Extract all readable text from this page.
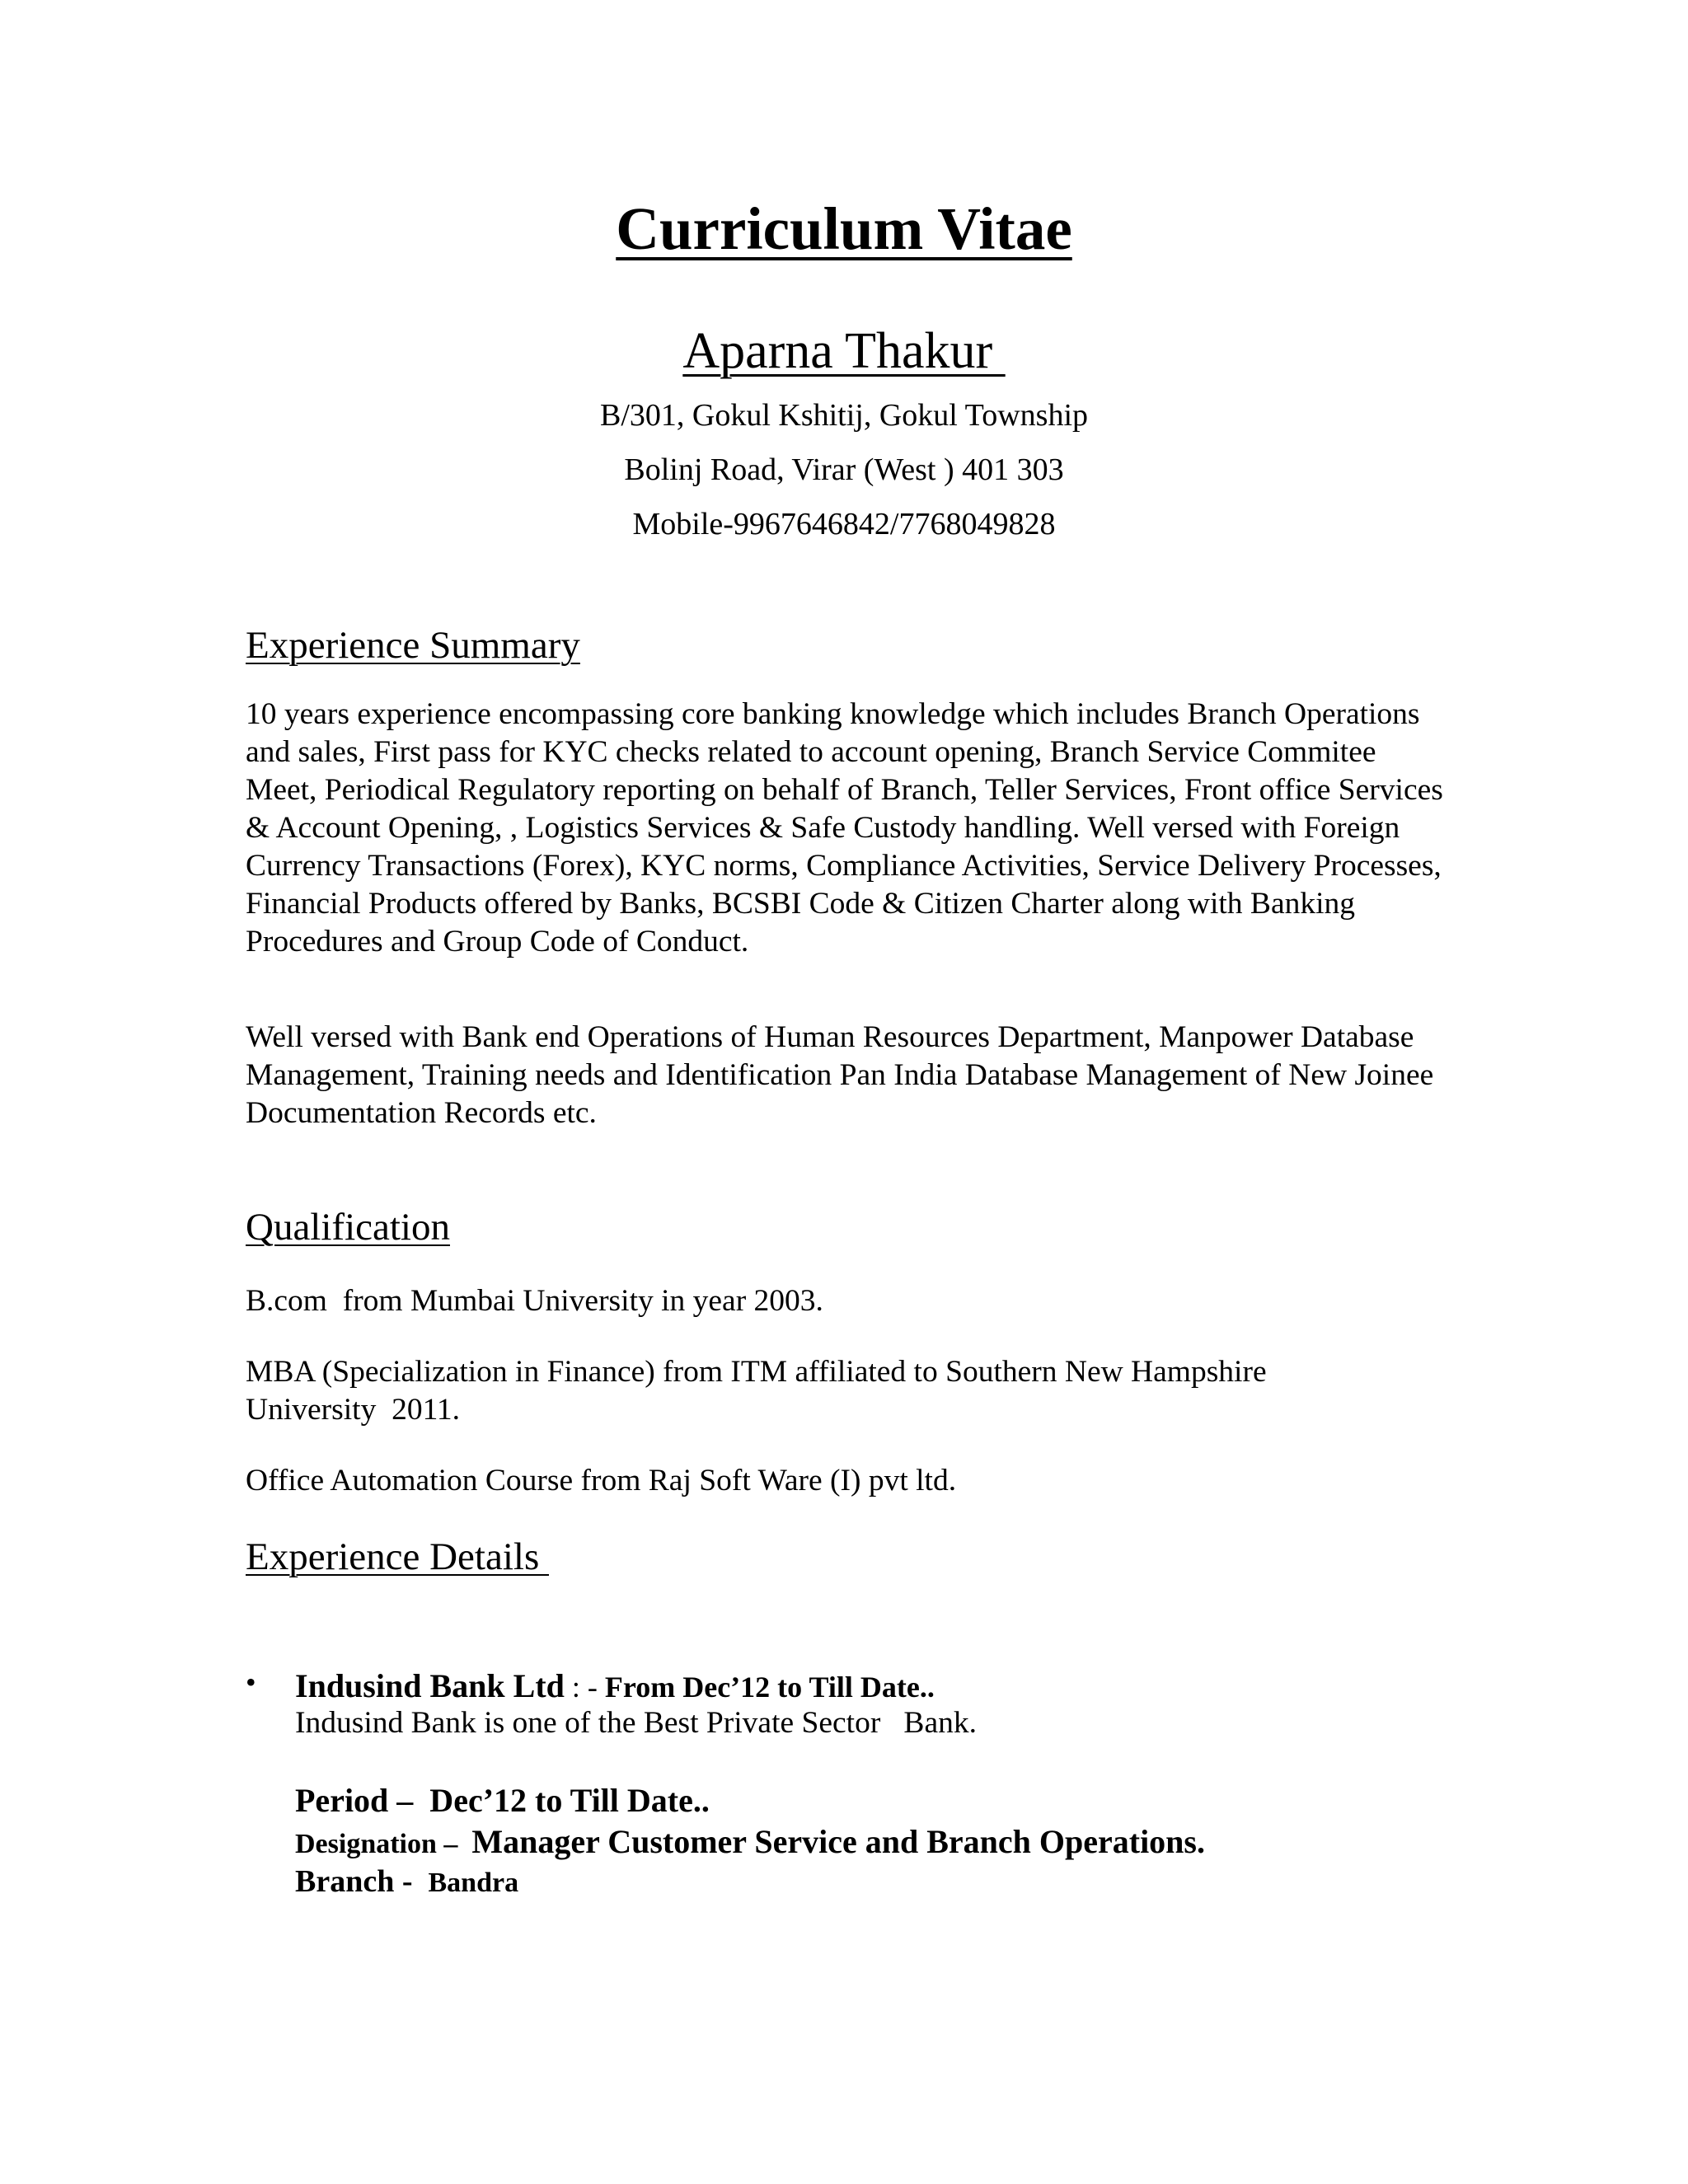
Curriculum Vitae
Aparna Thakur
B/301, Gokul Kshitij, Gokul Township
Bolinj Road, Virar (West ) 401 303
Mobile-9967646842/7768049828
Experience Summary
10 years experience encompassing core banking knowledge which includes Branch Operations and sales, First pass for KYC checks related to account opening, Branch Service Commitee Meet, Periodical Regulatory reporting on behalf of Branch, Teller Services, Front office Services & Account Opening, , Logistics Services & Safe Custody handling. Well versed with Foreign Currency Transactions (Forex), KYC norms, Compliance Activities, Service Delivery Processes, Financial Products offered by Banks, BCSBI Code & Citizen Charter along with Banking Procedures and Group Code of Conduct.
Well versed with Bank end Operations of Human Resources Department, Manpower Database Management, Training needs and Identification Pan India Database Management of New Joinee Documentation Records etc.
Qualification
B.com  from Mumbai University in year 2003.
MBA (Specialization in Finance) from ITM affiliated to Southern New Hampshire University  2011.
Office Automation Course from Raj Soft Ware (I) pvt ltd.
Experience Details
• Indusind Bank Ltd : - From Dec’12 to Till Date..
Indusind Bank is one of the Best Private Sector   Bank.
Period –  Dec’12 to Till Date..
Designation –  Manager Customer Service and Branch Operations.
Branch -  Bandra
